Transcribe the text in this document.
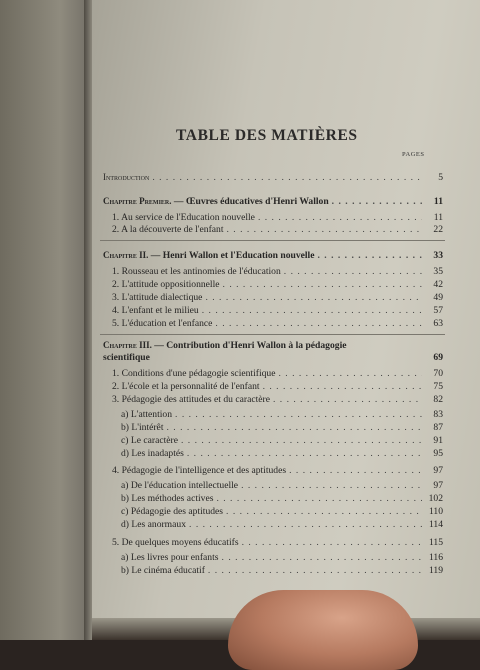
TABLE DES MATIÈRES
PAGES
Introduction . . .	5
Chapitre Premier. — Œuvres éducatives d'Henri Wallon . . .	11
1. Au service de l'Education nouvelle . . .	11
2. A la découverte de l'enfant . . .	22
Chapitre II. — Henri Wallon et l'Education nouvelle . . .	33
1. Rousseau et les antinomies de l'éducation . . .	35
2. L'attitude oppositionnelle . . .	42
3. L'attitude dialectique . . .	49
4. L'enfant et le milieu . . .	57
5. L'éducation et l'enfance . . .	63
Chapitre III. — Contribution d'Henri Wallon à la pédagogie
scientifique	69
1. Conditions d'une pédagogie scientifique . . .	70
2. L'école et la personnalité de l'enfant . . .	75
3. Pédagogie des attitudes et du caractère . . .	82
a) L'attention . . .	83
b) L'intérêt . . .	87
c) Le caractère . . .	91
d) Les inadaptés . . .	95
4. Pédagogie de l'intelligence et des aptitudes . . .	97
a) De l'éducation intellectuelle . . .	97
b) Les méthodes actives . . .	102
c) Pédagogie des aptitudes . . .	110
d) Les anormaux . . .	114
5. De quelques moyens éducatifs . . .	115
a) Les livres pour enfants . . .	116
b) Le cinéma éducatif . . .	119
